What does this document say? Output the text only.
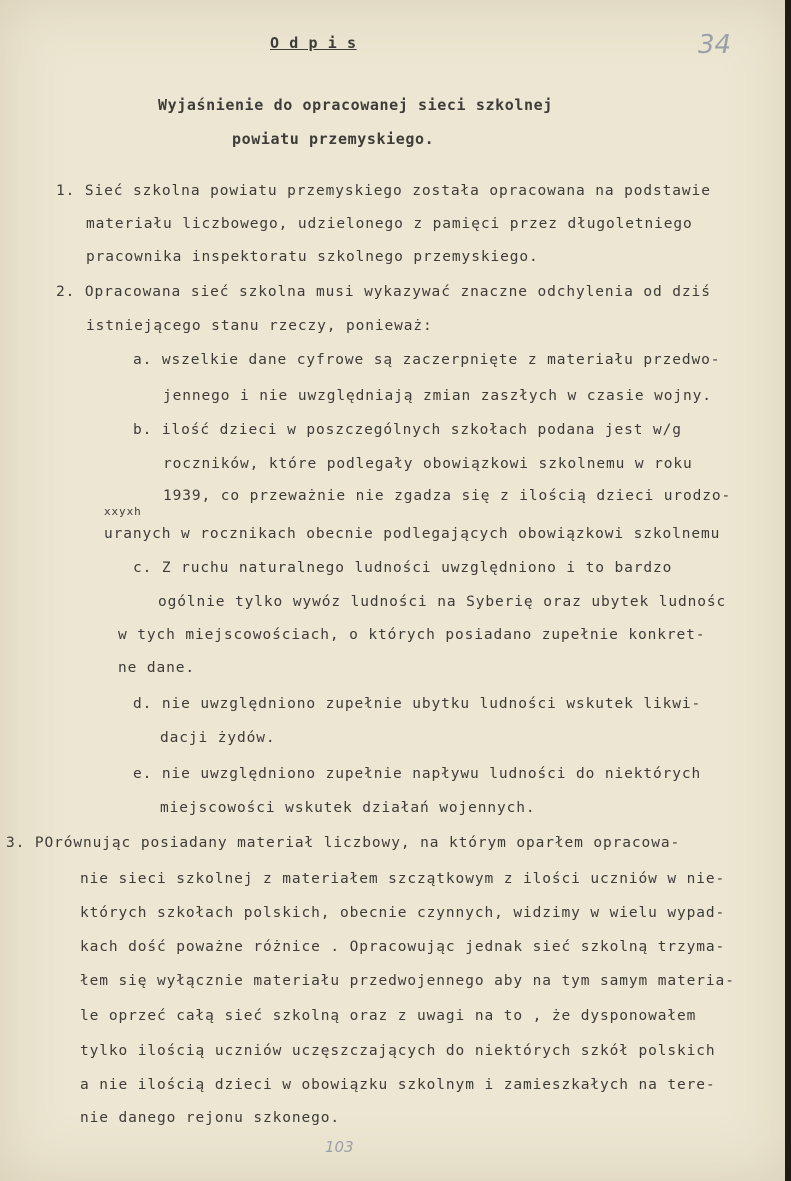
34
O d p i s
Wyjaśnienie do opracowanej sieci szkolnej
powiatu przemyskiego.
1. Sieć szkolna powiatu przemyskiego została opracowana na podstawie
materiału liczbowego, udzielonego z pamięci przez długoletniego
pracownika inspektoratu szkolnego przemyskiego.
2. Opracowana sieć szkolna musi wykazywać znaczne odchylenia od dziś
istniejącego stanu rzeczy, ponieważ:
a. wszelkie dane cyfrowe są zaczerpnięte z materiału przedwo-
jennego i nie uwzględniają zmian zaszłych w czasie wojny.
b. ilość dzieci w poszczególnych szkołach podana jest w/g
roczników, które podlegały obowiązkowi szkolnemu w roku
1939, co przeważnie nie zgadza się z ilością dzieci urodzo-
xxyxh
uranych w rocznikach obecnie podlegających obowiązkowi szkolnemu
c. Z ruchu naturalnego ludności uwzględniono i to bardzo
ogólnie tylko wywóz ludności na Syberię oraz ubytek ludnośc
w tych miejscowościach, o których posiadano zupełnie konkret-
ne dane.
d. nie uwzględniono zupełnie ubytku ludności wskutek likwi-
dacji żydów.
e. nie uwzględniono zupełnie napływu ludności do niektórych
miejscowości wskutek działań wojennych.
3. POrównując posiadany materiał liczbowy, na którym oparłem opracowa-
nie sieci szkolnej z materiałem szczątkowym z ilości uczniów w nie-
których szkołach polskich, obecnie czynnych, widzimy w wielu wypad-
kach dość poważne różnice . Opracowując jednak sieć szkolną trzyma-
łem się wyłącznie materiału przedwojennego aby na tym samym materia-
le oprzeć całą sieć szkolną oraz z uwagi na to , że dysponowałem
tylko ilością uczniów uczęszczających do niektórych szkół polskich
a nie ilością dzieci w obowiązku szkolnym i zamieszkałych na tere-
nie danego rejonu szkonego.
103
